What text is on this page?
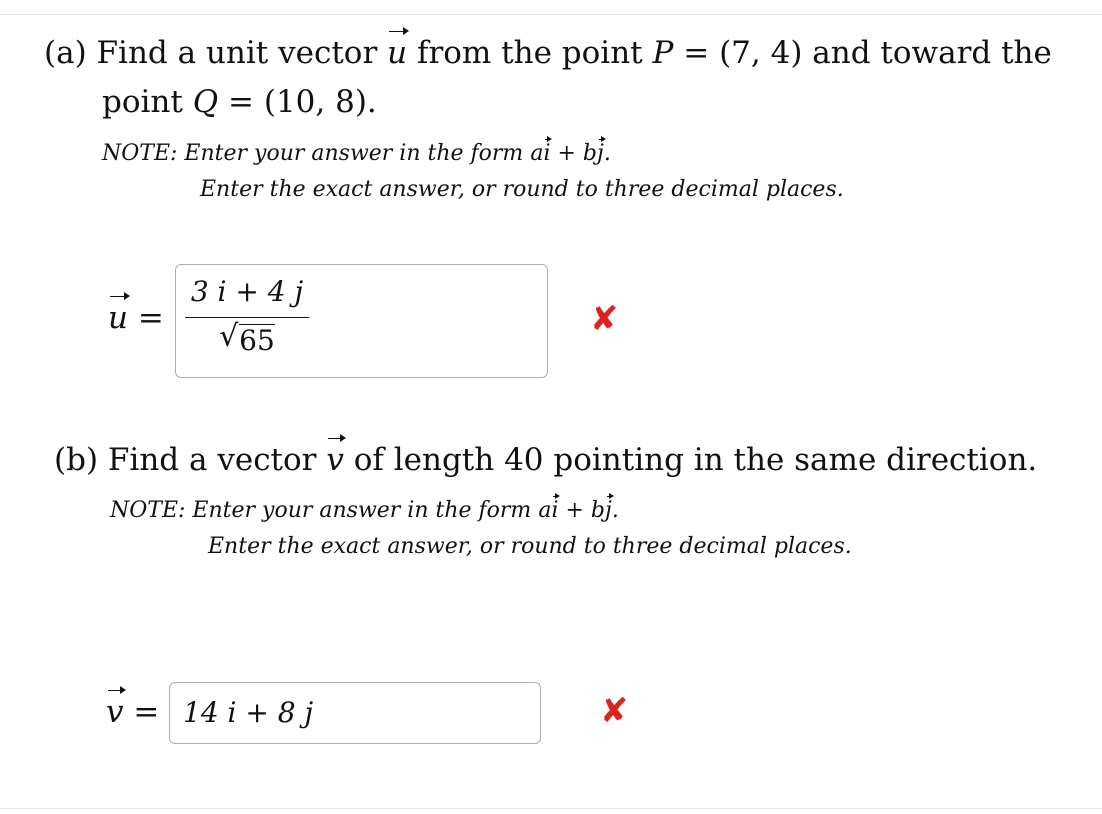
(a) Find a unit vector u from the point P = (7, 4) and toward the
point Q = (10, 8).
NOTE: Enter your answer in the form ai + bj.
Enter the exact answer, or round to three decimal places.
u =
3 i + 4 j
√ 65
✘
(b) Find a vector v of length 40 pointing in the same direction.
NOTE: Enter your answer in the form ai + bj.
Enter the exact answer, or round to three decimal places.
v = 14 i + 8 j	✘
